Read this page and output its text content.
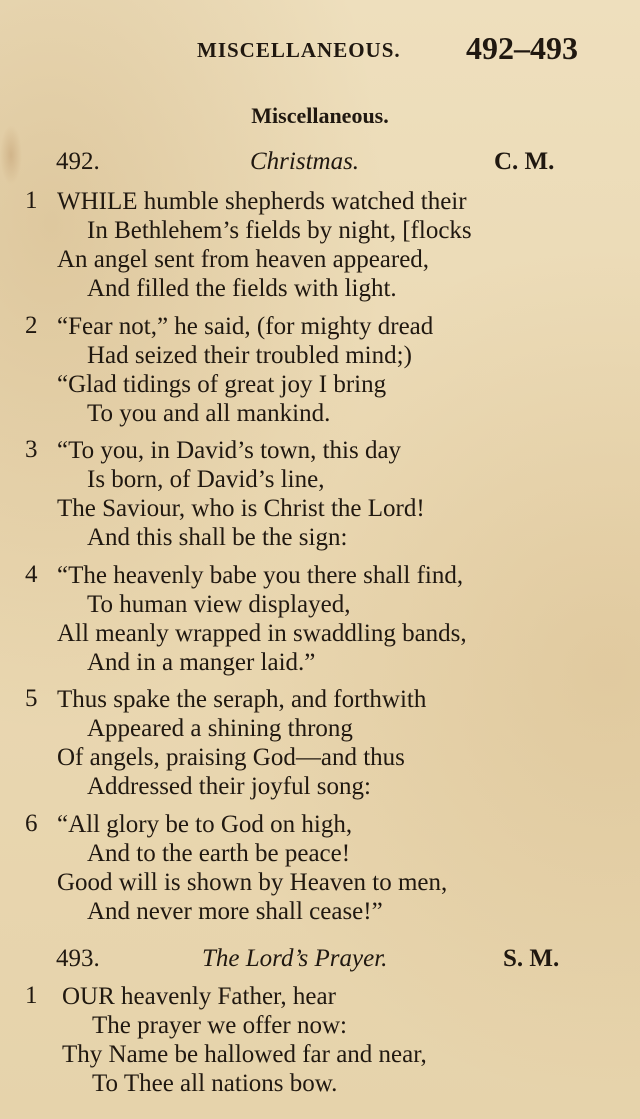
MISCELLANEOUS. 492–493
Miscellaneous.
492.	Christmas.	C. M.
1 WHILE humble shepherds watched their
In Bethlehem’s fields by night, [flocks
An angel sent from heaven appeared,
And filled the fields with light.
2 “Fear not,” he said, (for mighty dread
Had seized their troubled mind;)
“Glad tidings of great joy I bring
To you and all mankind.
3 “To you, in David’s town, this day
Is born, of David’s line,
The Saviour, who is Christ the Lord!
And this shall be the sign:
4 “The heavenly babe you there shall find,
To human view displayed,
All meanly wrapped in swaddling bands,
And in a manger laid.”
5 Thus spake the seraph, and forthwith
Appeared a shining throng
Of angels, praising God—and thus
Addressed their joyful song:
6 “All glory be to God on high,
And to the earth be peace!
Good will is shown by Heaven to men,
And never more shall cease!”
493.	The Lord’s Prayer.	S. M.
1 OUR heavenly Father, hear
The prayer we offer now:
Thy Name be hallowed far and near,
To Thee all nations bow.
